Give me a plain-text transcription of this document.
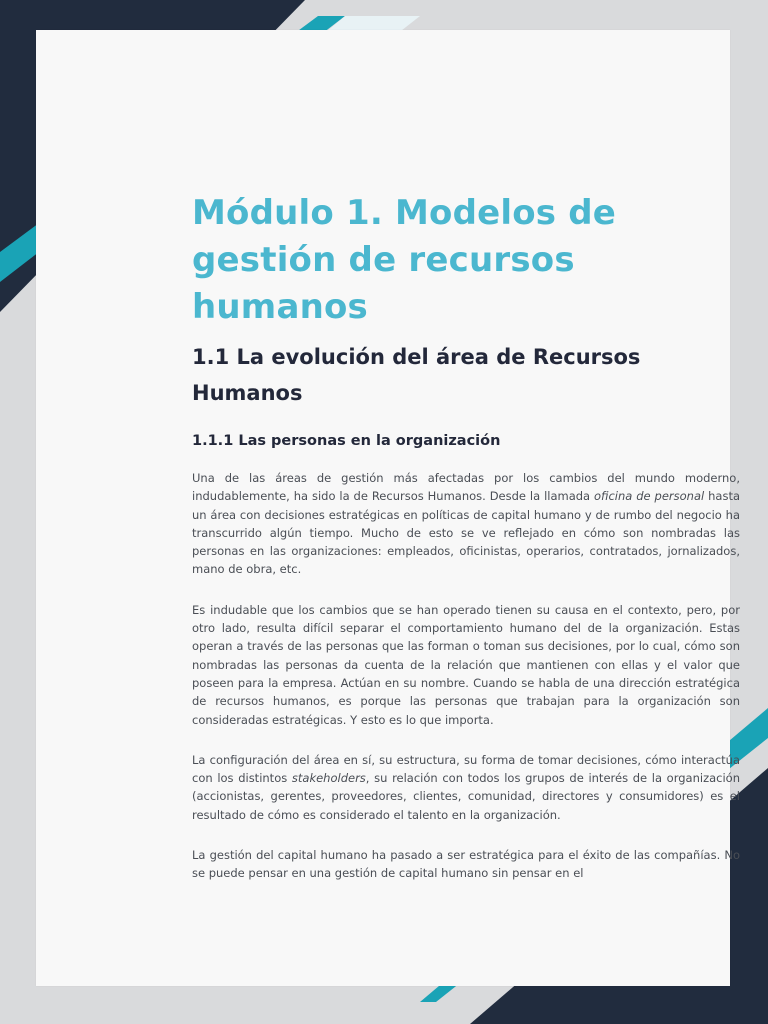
Módulo 1. Modelos de gestión de recursos humanos
1.1 La evolución del área de Recursos Humanos
1.1.1 Las personas en la organización

Una de las áreas de gestión más afectadas por los cambios del mundo moderno, indudablemente, ha sido la de Recursos Humanos. Desde la llamada oficina de personal hasta un área con decisiones estratégicas en políticas de capital humano y de rumbo del negocio ha transcurrido algún tiempo. Mucho de esto se ve reflejado en cómo son nombradas las personas en las organizaciones: empleados, oficinistas, operarios, contratados, jornalizados, mano de obra, etc.

Es indudable que los cambios que se han operado tienen su causa en el contexto, pero, por otro lado, resulta difícil separar el comportamiento humano del de la organización. Estas operan a través de las personas que las forman o toman sus decisiones, por lo cual, cómo son nombradas las personas da cuenta de la relación que mantienen con ellas y el valor que poseen para la empresa. Actúan en su nombre. Cuando se habla de una dirección estratégica de recursos humanos, es porque las personas que trabajan para la organización son consideradas estratégicas. Y esto es lo que importa.

La configuración del área en sí, su estructura, su forma de tomar decisiones, cómo interactúa con los distintos stakeholders, su relación con todos los grupos de interés de la organización (accionistas, gerentes, proveedores, clientes, comunidad, directores y consumidores) es el resultado de cómo es considerado el talento en la organización.

La gestión del capital humano ha pasado a ser estratégica para el éxito de las compañías. No se puede pensar en una gestión de capital humano sin pensar en el
